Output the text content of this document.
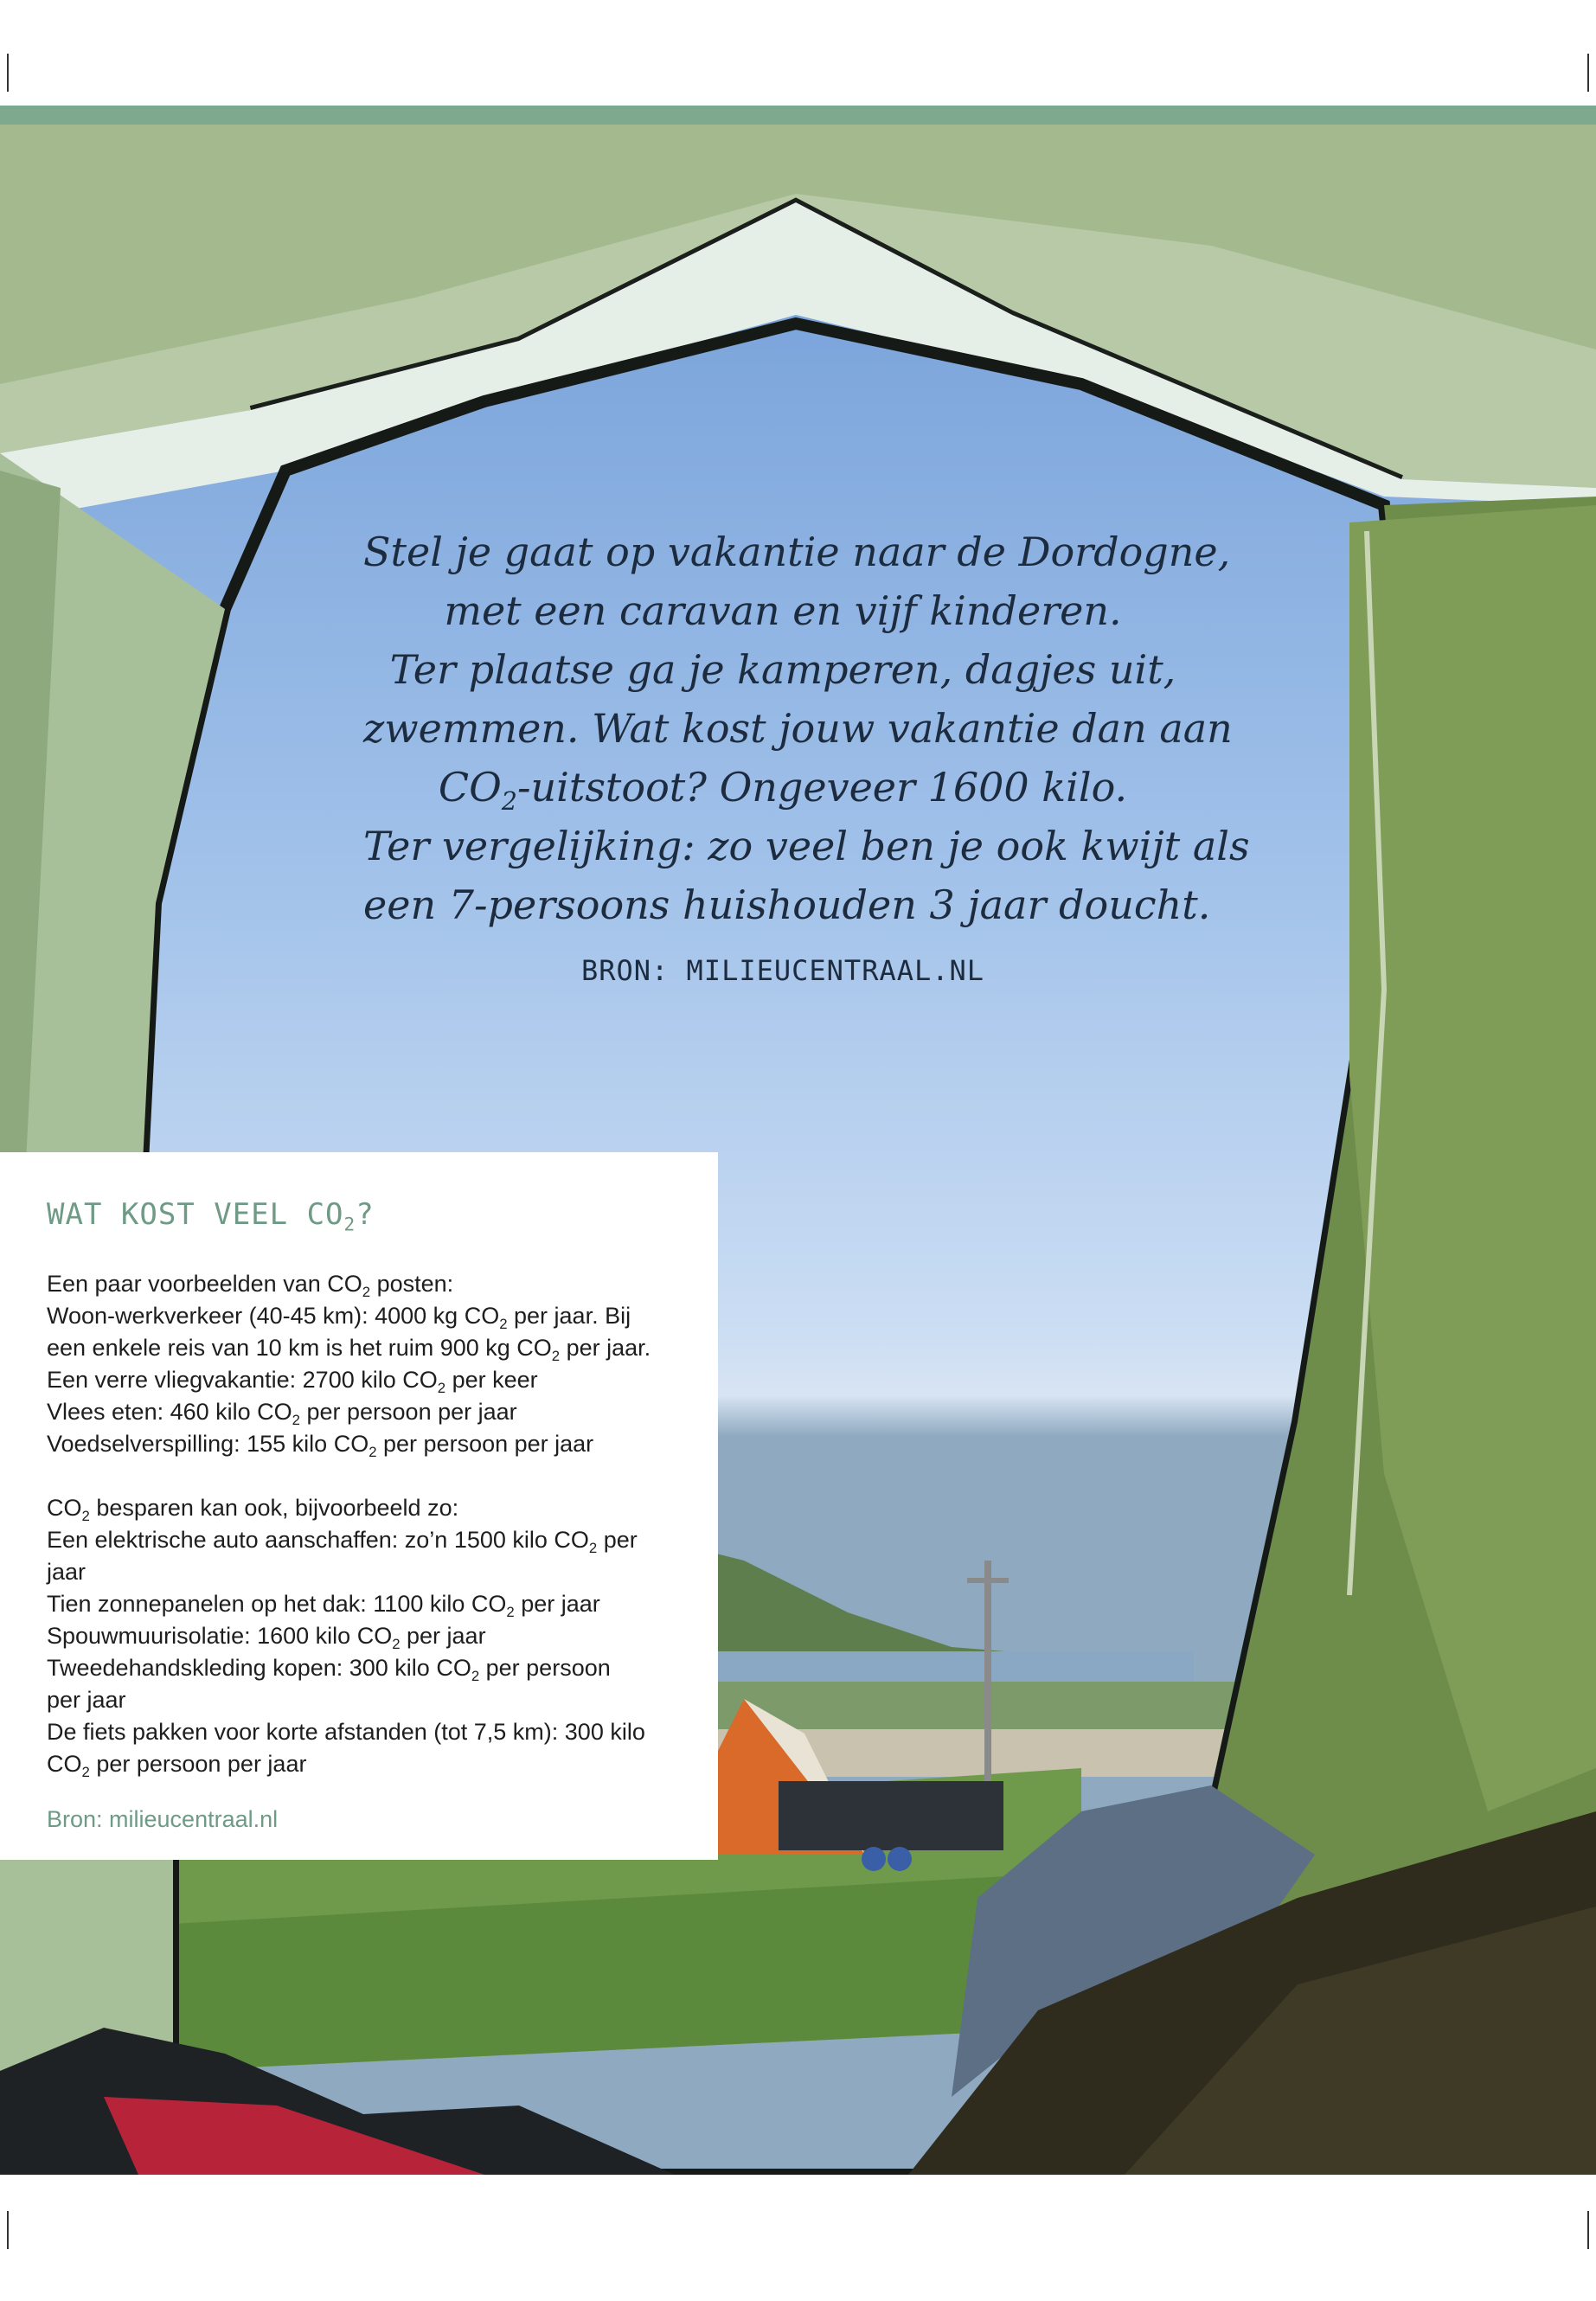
Stel je gaat op vakantie naar de Dordogne,
met een caravan en vijf kinderen.
Ter plaatse ga je kamperen, dagjes uit,
zwemmen. Wat kost jouw vakantie dan aan
$CO_2$-uitstoot? Ongeveer 1600 kilo.
Ter vergelijking: zo veel ben je ook kwijt als
een 7-persoons huishouden 3 jaar doucht.
BRON: MILIEUCENTRAAL.NL
WAT KOST VEEL $CO_2$?
Een paar voorbeelden van $CO_2$ posten:
Woon-werkverkeer (40-45 km): 4000 kg $CO_2$ per jaar. Bij
een enkele reis van 10 km is het ruim 900 kg $CO_2$ per jaar.
Een verre vliegvakantie: 2700 kilo $CO_2$ per keer
Vlees eten: 460 kilo $CO_2$ per persoon per jaar
Voedselverspilling: 155 kilo $CO_2$ per persoon per jaar
$CO_2$ besparen kan ook, bijvoorbeeld zo:
Een elektrische auto aanschaffen: zo’n 1500 kilo $CO_2$ per
jaar
Tien zonnepanelen op het dak: 1100 kilo $CO_2$ per jaar
Spouwmuurisolatie: 1600 kilo $CO_2$ per jaar
Tweedehandskleding kopen: 300 kilo $CO_2$ per persoon
per jaar
De fiets pakken voor korte afstanden (tot 7,5 km): 300 kilo
$CO_2$ per persoon per jaar
Bron: milieucentraal.nl
